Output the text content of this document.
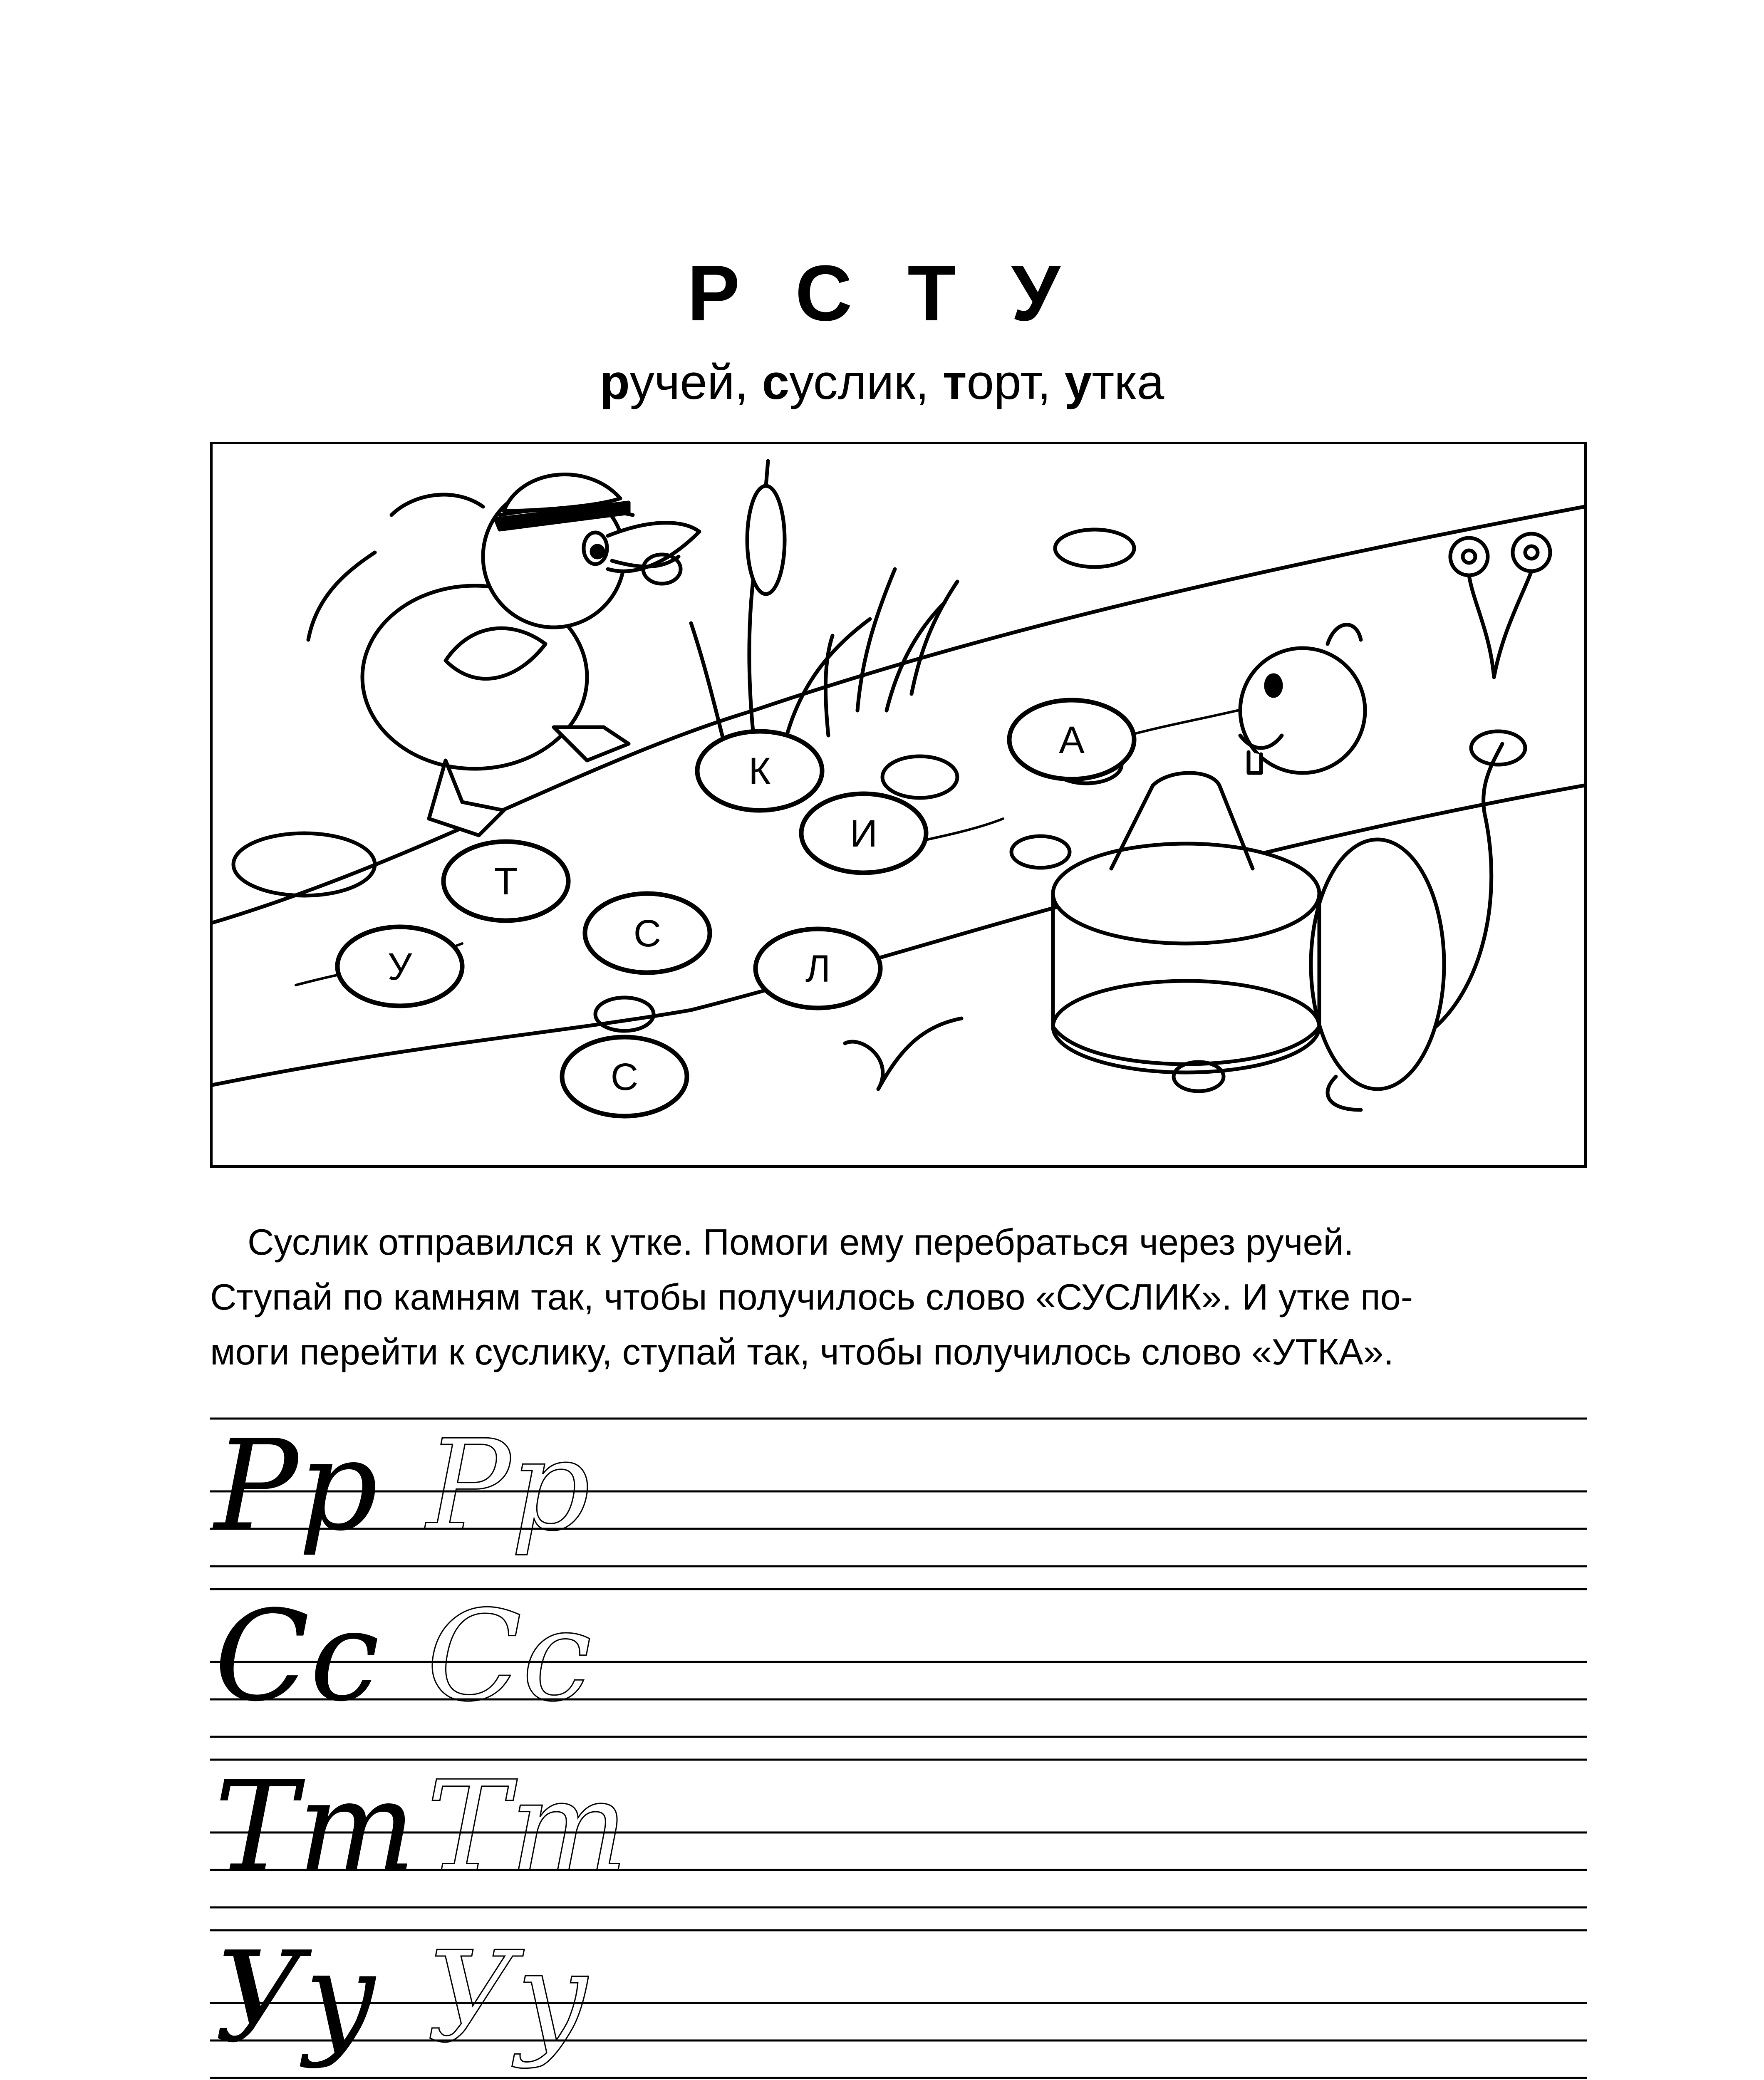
Р С Т У
ручей, суслик, торт, утка
К
А
И
Т
С
У	Л
С
Суслик отправился к утке. Помоги ему перебраться через ручей.
Ступай по камням так, чтобы получилось слово «СУСЛИК». И утке по-
моги перейти к суслику, ступай так, чтобы получилось слово «УТКА».
Рр Рр
Сс Сс
Тт Тт
Уу Уу
